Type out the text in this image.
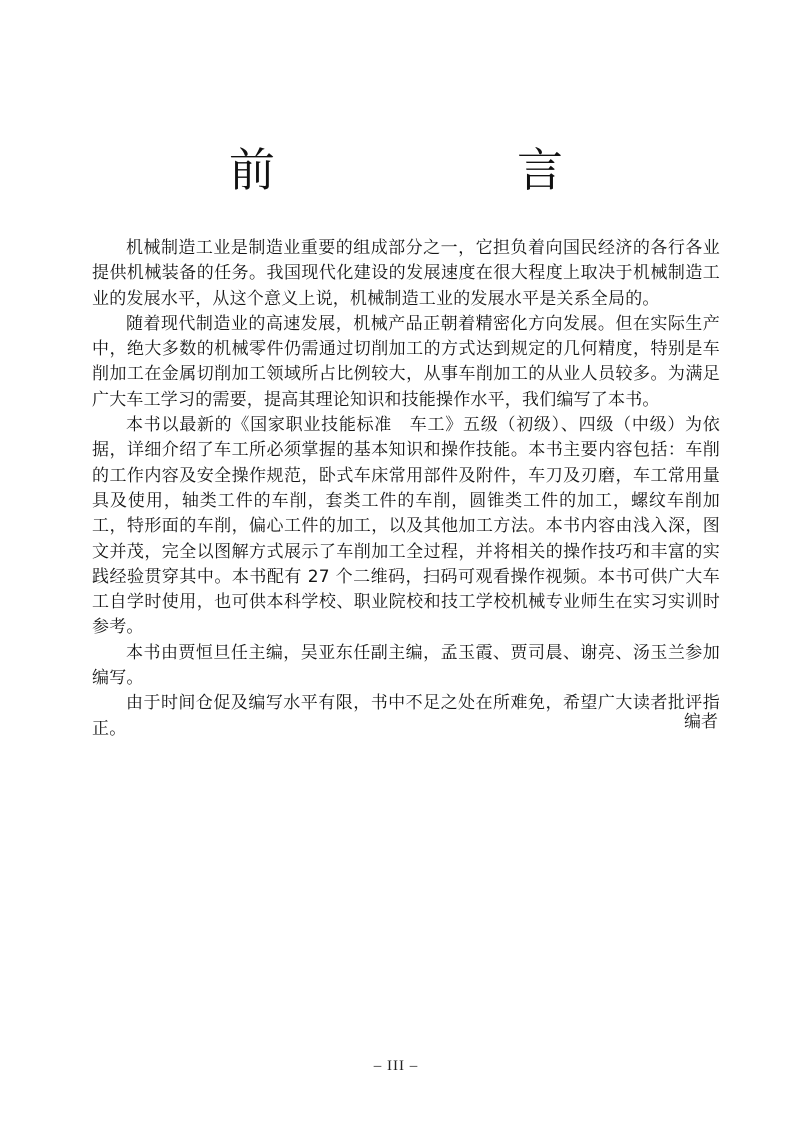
前　言

机械制造工业是制造业重要的组成部分之一，它担负着向国民经济的各行各业提供机械装备的任务。我国现代化建设的发展速度在很大程度上取决于机械制造工业的发展水平，从这个意义上说，机械制造工业的发展水平是关系全局的。

随着现代制造业的高速发展，机械产品正朝着精密化方向发展。但在实际生产中，绝大多数的机械零件仍需通过切削加工的方式达到规定的几何精度，特别是车削加工在金属切削加工领域所占比例较大，从事车削加工的从业人员较多。为满足广大车工学习的需要，提高其理论知识和技能操作水平，我们编写了本书。

本书以最新的《国家职业技能标准　车工》五级（初级）、四级（中级）为依据，详细介绍了车工所必须掌握的基本知识和操作技能。本书主要内容包括：车削的工作内容及安全操作规范，卧式车床常用部件及附件，车刀及刃磨，车工常用量具及使用，轴类工件的车削，套类工件的车削，圆锥类工件的加工，螺纹车削加工，特形面的车削，偏心工件的加工，以及其他加工方法。本书内容由浅入深，图文并茂，完全以图解方式展示了车削加工全过程，并将相关的操作技巧和丰富的实践经验贯穿其中。本书配有 27 个二维码，扫码可观看操作视频。本书可供广大车工自学时使用，也可供本科学校、职业院校和技工学校机械专业师生在实习实训时参考。

本书由贾恒旦任主编，吴亚东任副主编，孟玉霞、贾司晨、谢亮、汤玉兰参加编写。

由于时间仓促及编写水平有限，书中不足之处在所难免，希望广大读者批评指正。	编者
– III –
